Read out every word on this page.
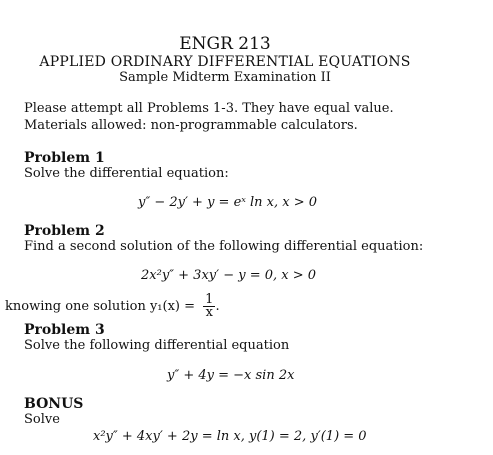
ENGR 213
APPLIED ORDINARY DIFFERENTIAL EQUATIONS
Sample Midterm Examination II
Please attempt all Problems 1-3. They have equal value.
Materials allowed: non-programmable calculators.
Problem 1
Solve the differential equation:
y″ − 2y′ + y = eˣ ln x, x > 0
Problem 2
Find a second solution of the following differential equation:
2x²y″ + 3xy′ − y = 0, x > 0
knowing one solution $y_1(x) = \frac{1}{x}$ .
Problem 3
Solve the following differential equation
y″ + 4y = −x sin 2x
BONUS
Solve
x²y″ + 4xy′ + 2y = ln x, y(1) = 2, y′(1) = 0
